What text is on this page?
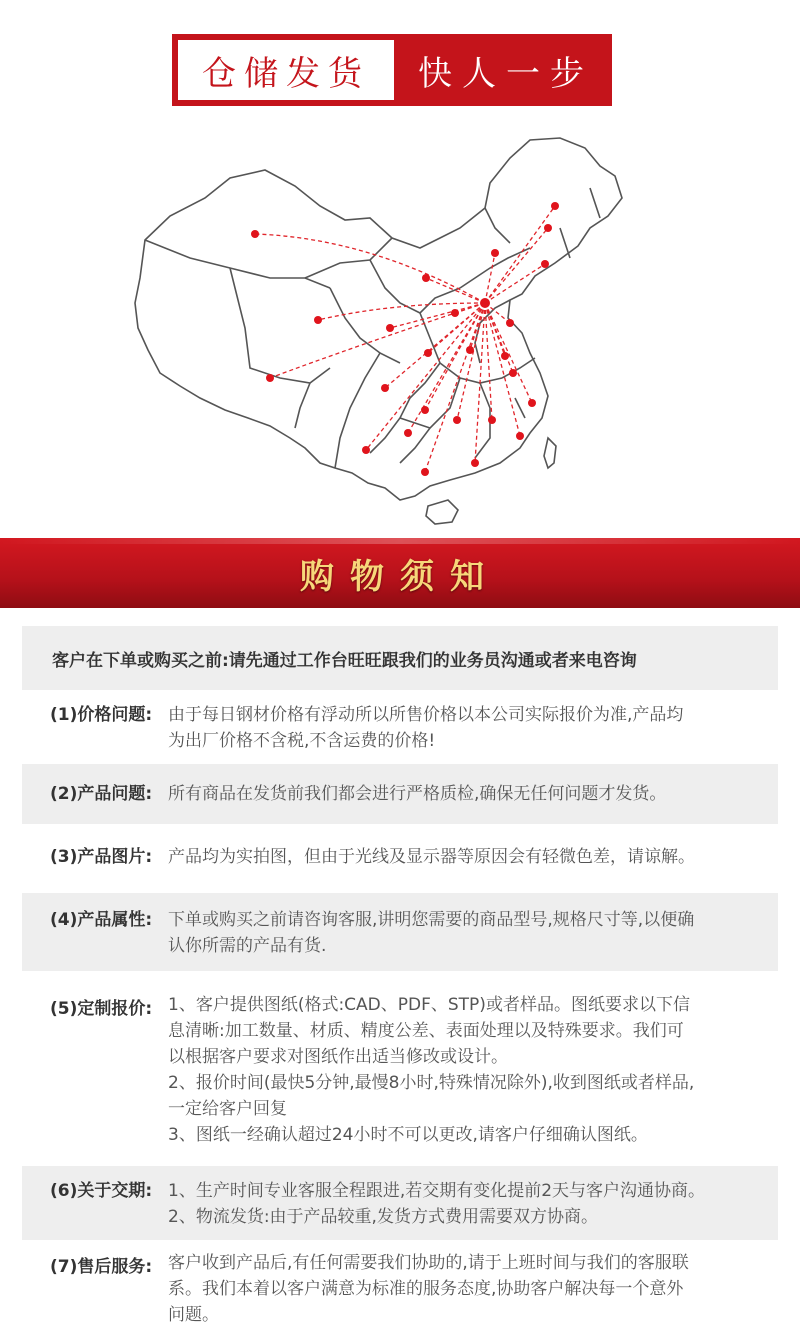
仓储发货	快人一步
购物须知
客户在下单或购买之前:请先通过工作台旺旺跟我们的业务员沟通或者来电咨询
(1)价格问题: 由于每日钢材价格有浮动所以所售价格以本公司实际报价为准,产品均
为出厂价格不含税,不含运费的价格!
(2)产品问题: 所有商品在发货前我们都会进行严格质检,确保无任何问题才发货。
(3)产品图片: 产品均为实拍图，但由于光线及显示器等原因会有轻微色差，请谅解。
(4)产品属性: 下单或购买之前请咨询客服,讲明您需要的商品型号,规格尺寸等,以便确
认你所需的产品有货.
(5)定制报价: 1、客户提供图纸(格式:CAD、PDF、STP)或者样品。图纸要求以下信
息清晰:加工数量、材质、精度公差、表面处理以及特殊要求。我们可
以根据客户要求对图纸作出适当修改或设计。
2、报价时间(最快5分钟,最慢8小时,特殊情况除外),收到图纸或者样品,
一定给客户回复
3、图纸一经确认超过24小时不可以更改,请客户仔细确认图纸。
(6)关于交期: 1、生产时间专业客服全程跟进,若交期有变化提前2天与客户沟通协商。
2、物流发货:由于产品较重,发货方式费用需要双方协商。
(7)售后服务: 客户收到产品后,有任何需要我们协助的,请于上班时间与我们的客服联
系。我们本着以客户满意为标准的服务态度,协助客户解决每一个意外
问题。
